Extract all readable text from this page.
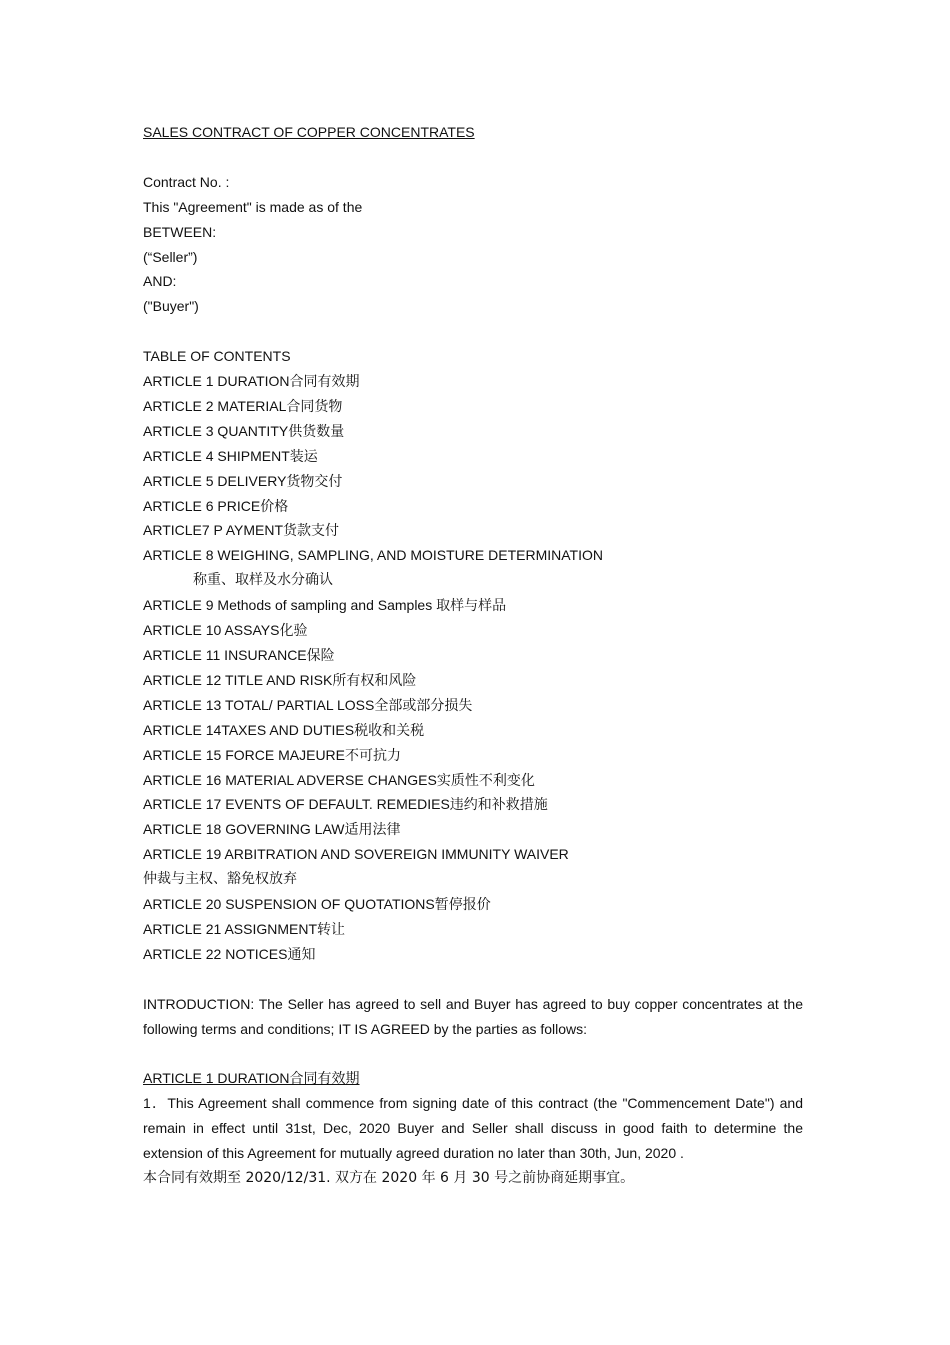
SALES CONTRACT OF COPPER CONCENTRATES
Contract No. :
This "Agreement" is made as of the
BETWEEN:
(“Seller”)
AND:
("Buyer")
TABLE OF CONTENTS
ARTICLE 1 DURATION合同有效期
ARTICLE 2 MATERIAL合同货物
ARTICLE 3 QUANTITY供货数量
ARTICLE 4 SHIPMENT装运
ARTICLE 5 DELIVERY货物交付
ARTICLE 6 PRICE价格
ARTICLE7 P AYMENT货款支付
ARTICLE 8 WEIGHING, SAMPLING, AND MOISTURE DETERMINATION
称重、取样及水分确认
ARTICLE 9 Methods of sampling and Samples 取样与样品
ARTICLE 10 ASSAYS化验
ARTICLE 11 INSURANCE保险
ARTICLE 12 TITLE AND RISK所有权和风险
ARTICLE 13 TOTAL/ PARTIAL LOSS全部或部分损失
ARTICLE 14TAXES AND DUTIES税收和关税
ARTICLE 15 FORCE MAJEURE不可抗力
ARTICLE 16 MATERIAL ADVERSE CHANGES实质性不利变化
ARTICLE 17 EVENTS OF DEFAULT. REMEDIES违约和补救措施
ARTICLE 18 GOVERNING LAW适用法律
ARTICLE 19 ARBITRATION AND SOVEREIGN IMMUNITY WAIVER
仲裁与主权、豁免权放弃
ARTICLE 20 SUSPENSION OF QUOTATIONS暂停报价
ARTICLE 21 ASSIGNMENT转让
ARTICLE 22 NOTICES通知

INTRODUCTION: The Seller has agreed to sell and Buyer has agreed to buy copper concentrates at the following terms and conditions; IT IS AGREED by the parties as follows:

ARTICLE 1 DURATION合同有效期

1．This Agreement shall commence from signing date of this contract (the "Commencement Date") and remain in effect until 31st, Dec, 2020 Buyer and Seller shall discuss in good faith to determine the extension of this Agreement for mutually agreed duration no later than 30th, Jun, 2020 .

本合同有效期至 2020/12/31. 双方在 2020 年 6 月 30 号之前协商延期事宜。
